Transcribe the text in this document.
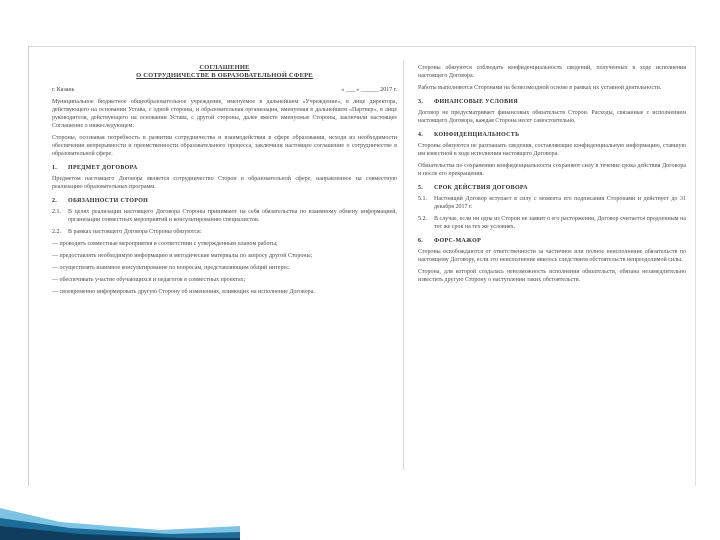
СОГЛАШЕНИЕ
О СОТРУДНИЧЕСТВЕ В ОБРАЗОВАТЕЛЬНОЙ СФЕРЕ
г. Казань	« ___ » ______ 2017 г.

Муниципальное бюджетное общеобразовательное учреждение, именуемое в дальнейшем «Учреждение», в лице директора, действующего на основании Устава, с одной стороны, и образовательная организация, именуемая в дальнейшем «Партнер», в лице руководителя, действующего на основании Устава, с другой стороны, далее вместе именуемые Стороны, заключили настоящее Соглашение о нижеследующем:

Стороны, осознавая потребность в развитии сотрудничества и взаимодействия в сфере образования, исходя из необходимости обеспечения непрерывности и преемственности образовательного процесса, заключили настоящее соглашение о сотрудничестве в образовательной сфере.

1. ПРЕДМЕТ ДОГОВОРА

Предметом настоящего Договора является сотрудничество Сторон в образовательной сфере, направленное на совместную реализацию образовательных программ.

2. ОБЯЗАННОСТИ СТОРОН
2.1.	В целях реализации настоящего Договора Стороны принимают на себя обязательства по взаимному обмену информацией, организации совместных мероприятий и консультированию специалистов.
2.2.	В рамках настоящего Договора Стороны обязуются:

— проводить совместные мероприятия в соответствии с утвержденным планом работы;

— предоставлять необходимую информацию и методические материалы по запросу другой Стороны;

— осуществлять взаимное консультирование по вопросам, представляющим общий интерес.

— обеспечивать участие обучающихся и педагогов в совместных проектах;

— своевременно информировать другую Сторону об изменениях, влияющих на исполнение Договора.

Стороны обязуются соблюдать конфиденциальность сведений, полученных в ходе исполнения настоящего Договора.

Работы выполняются Сторонами на безвозмездной основе в рамках их уставной деятельности.

3. ФИНАНСОВЫЕ УСЛОВИЯ

Договор не предусматривает финансовых обязательств Сторон. Расходы, связанные с исполнением настоящего Договора, каждая Сторона несет самостоятельно.

4. КОНФИДЕНЦИАЛЬНОСТЬ

Стороны обязуются не разглашать сведения, составляющие конфиденциальную информацию, ставшую им известной в ходе исполнения настоящего Договора.

Обязательства по сохранению конфиденциальности сохраняют силу в течение срока действия Договора и после его прекращения.

5. СРОК ДЕЙСТВИЯ ДОГОВОРА
5.1.	Настоящий Договор вступает в силу с момента его подписания Сторонами и действует до 31 декабря 2017 г.
5.2.	В случае, если ни одна из Сторон не заявит о его расторжении, Договор считается продленным на тот же срок на тех же условиях.
6. ФОРС-МАЖОР

Стороны освобождаются от ответственности за частичное или полное неисполнение обязательств по настоящему Договору, если это неисполнение явилось следствием обстоятельств непреодолимой силы.

Сторона, для которой создалась невозможность исполнения обязательств, обязана незамедлительно известить другую Сторону о наступлении таких обстоятельств.
